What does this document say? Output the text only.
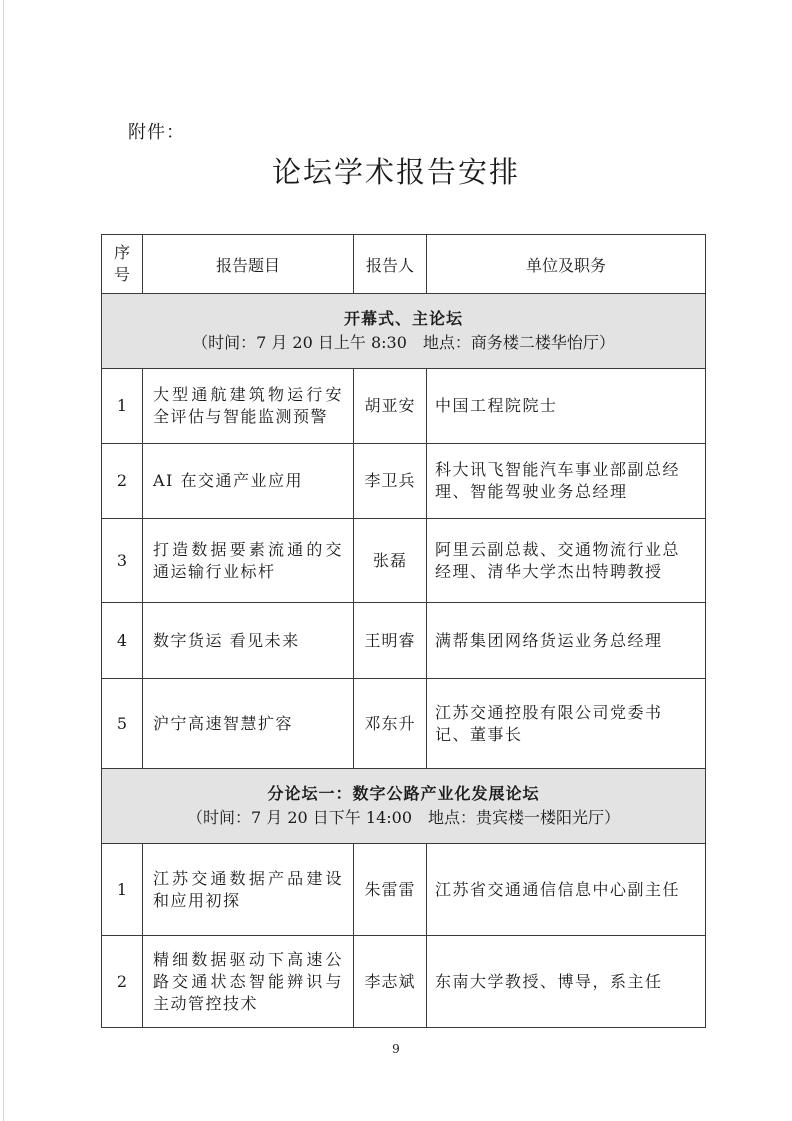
附件：
论坛学术报告安排
序
号	报告题目	报告人	单位及职务

开幕式、主论坛
（时间：7 月 20 日上午 8:30　地点：商务楼二楼华怡厅）			

1	大型通航建筑物运行安全评估与智能监测预警	胡亚安	中国工程院院士
2	AI 在交通产业应用	李卫兵	科大讯飞智能汽车事业部副总经理、智能驾驶业务总经理
3	打造数据要素流通的交通运输行业标杆	张磊	阿里云副总裁、交通物流行业总经理、清华大学杰出特聘教授
4	数字货运 看见未来	王明睿	满帮集团网络货运业务总经理
5	沪宁高速智慧扩容	邓东升	江苏交通控股有限公司党委书记、董事长

分论坛一：数字公路产业化发展论坛
（时间：7 月 20 日下午 14:00　地点：贵宾楼一楼阳光厅）			

1	江苏交通数据产品建设和应用初探	朱雷雷	江苏省交通通信信息中心副主任
2	精细数据驱动下高速公路交通状态智能辨识与主动管控技术	李志斌	东南大学教授、博导，系主任
9
